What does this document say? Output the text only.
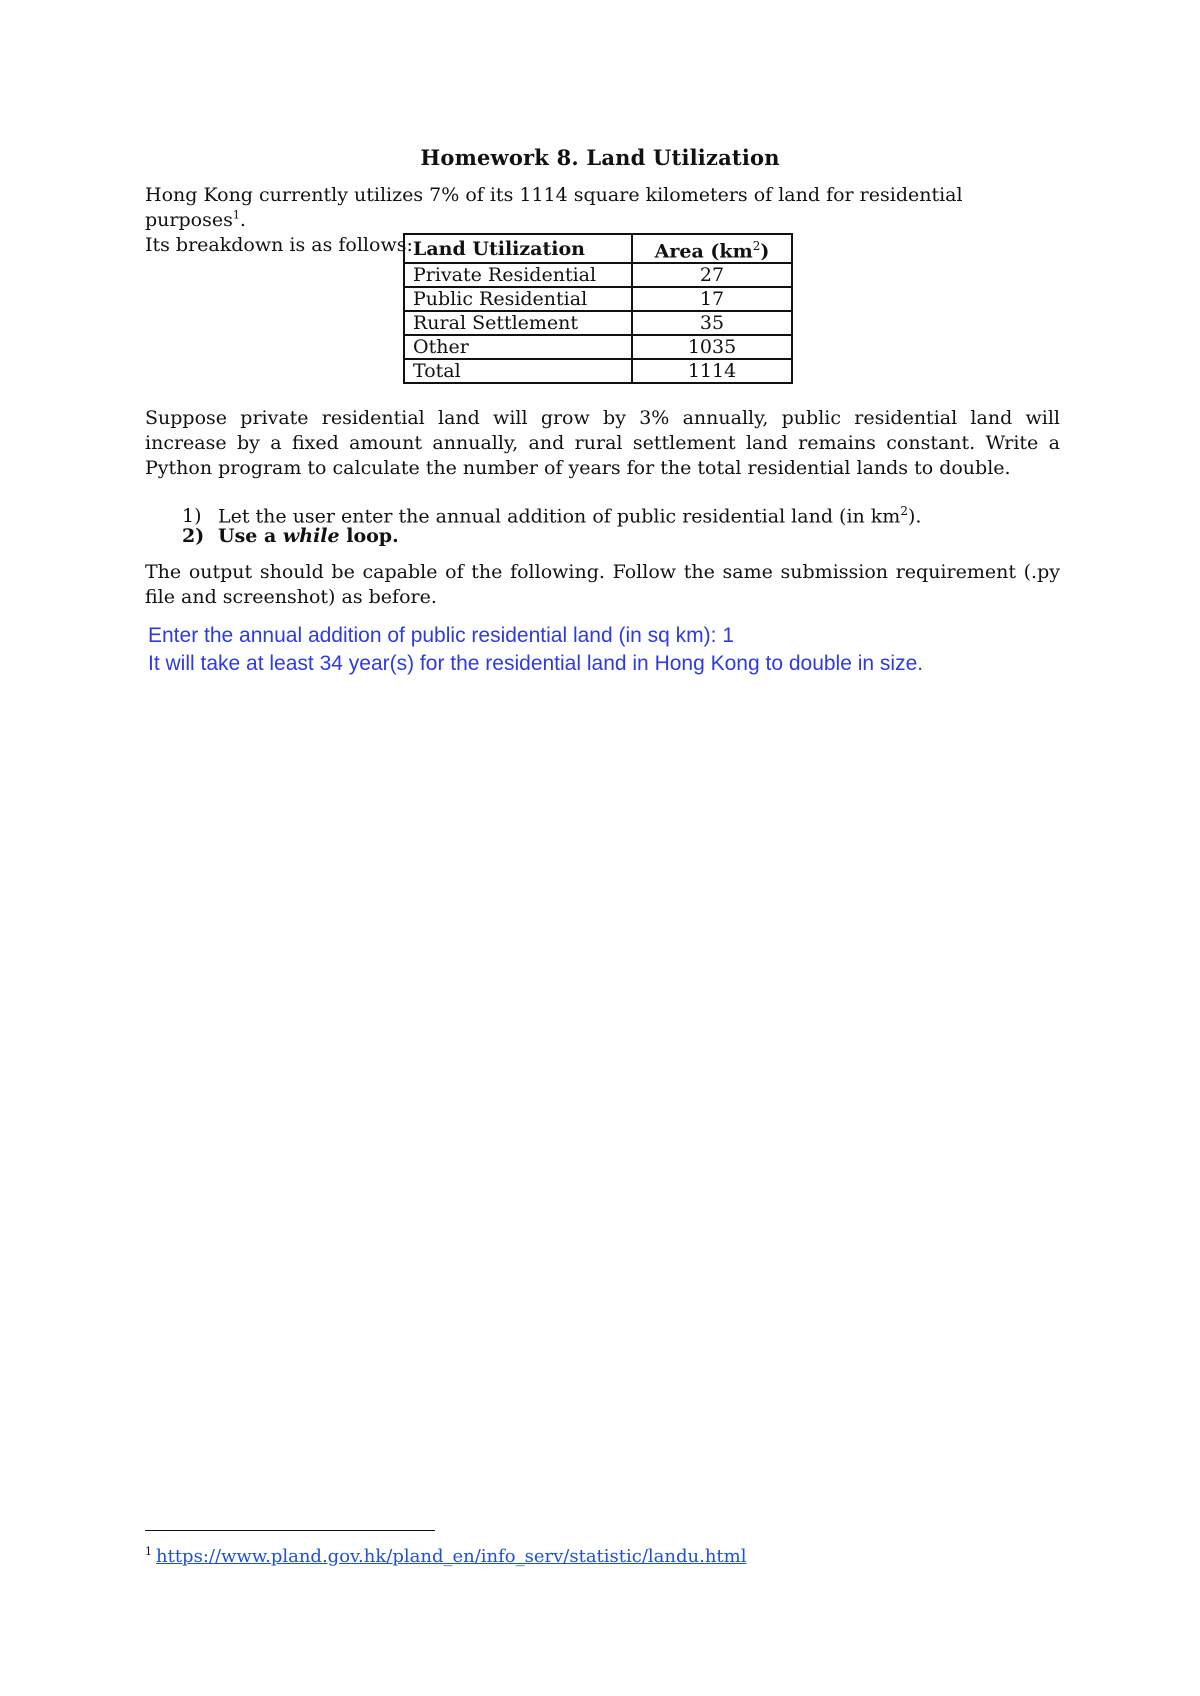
Homework 8. Land Utilization
Hong Kong currently utilizes 7% of its 1114 square kilometers of land for residential purposes$^1$.
Its breakdown is as follows: Land Utilization	Area $(km^2)$
Private Residential	27
Public Residential	17
Rural Settlement	35
Other	1035
Total	1114
Suppose private residential land will grow by 3% annually, public residential land will increase by a fixed amount annually, and rural settlement land remains constant. Write a Python program to calculate the number of years for the total residential lands to double.
1) Let the user enter the annual addition of public residential land (in $km^2$).
2) Use a while loop.
The output should be capable of the following. Follow the same submission requirement (.py file and screenshot) as before.
Enter the annual addition of public residential land (in sq km): 1
It will take at least 34 year(s) for the residential land in Hong Kong to double in size.
$^1$ https://www.pland.gov.hk/pland_en/info_serv/statistic/landu.html
